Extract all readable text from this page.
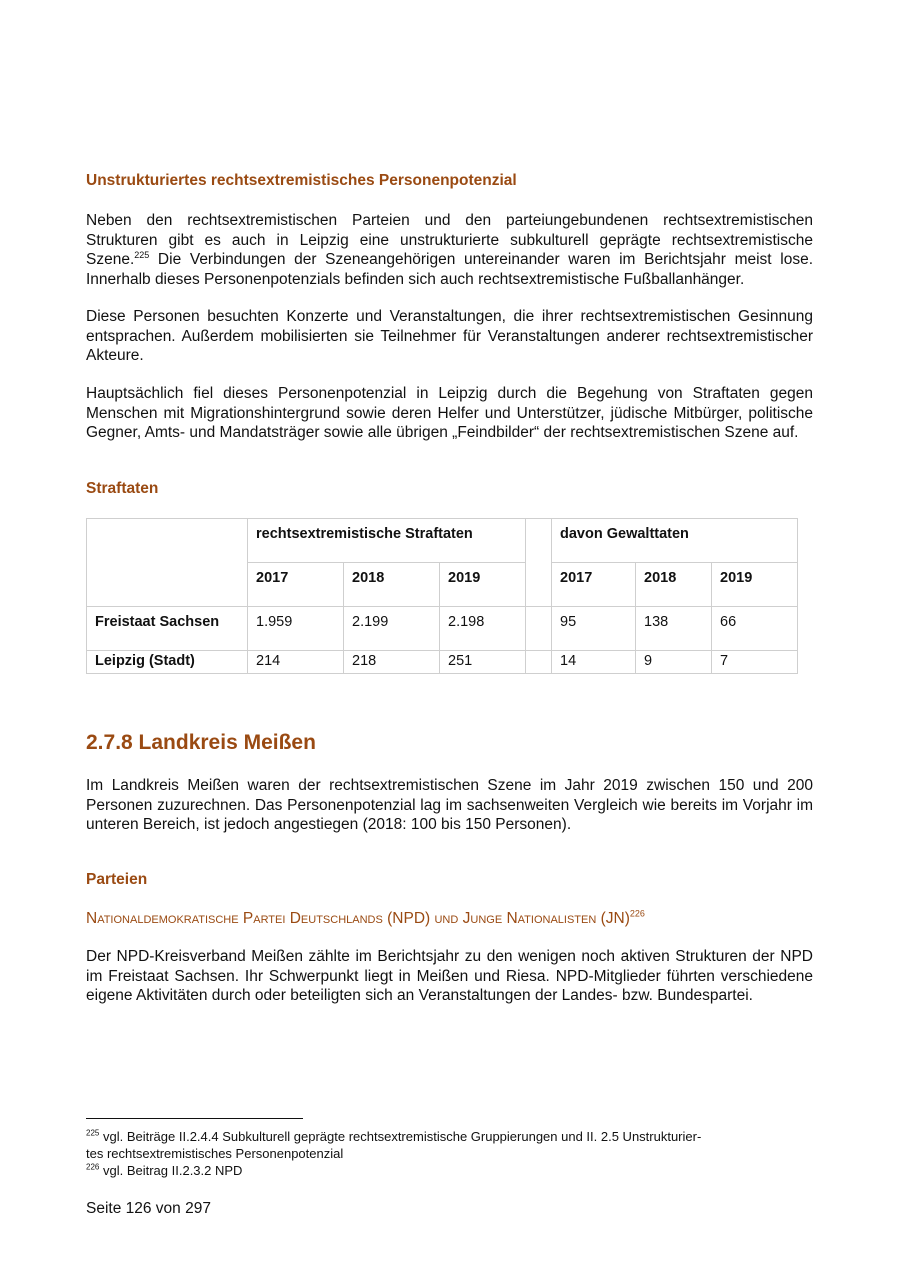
Unstrukturiertes rechtsextremistisches Personenpotenzial

Neben den rechtsextremistischen Parteien und den parteiungebundenen rechtsextremistischen Strukturen gibt es auch in Leipzig eine unstrukturierte subkulturell geprägte rechtsextremistische Szene.$^{225}$ Die Verbindungen der Szeneangehörigen untereinander waren im Berichtsjahr meist lose. Innerhalb dieses Personenpotenzials befinden sich auch rechtsextremistische Fußballanhänger.

Diese Personen besuchten Konzerte und Veranstaltungen, die ihrer rechtsextremistischen Gesinnung entsprachen. Außerdem mobilisierten sie Teilnehmer für Veranstaltungen anderer rechtsextremistischer Akteure.

Hauptsächlich fiel dieses Personenpotenzial in Leipzig durch die Begehung von Straftaten gegen Menschen mit Migrationshintergrund sowie deren Helfer und Unterstützer, jüdische Mitbürger, politische Gegner, Amts- und Mandatsträger sowie alle übrigen „Feindbilder“ der rechtsextremistischen Szene auf.

Straftaten
	rechtsextremistische Straftaten				davon Gewalttaten		
	2017	2018	2019		2017	2018	2019
Freistaat Sachsen	1.959	2.199	2.198		95	138	66
Leipzig (Stadt)	214	218	251		14	9	7
2.7.8 Landkreis Meißen

Im Landkreis Meißen waren der rechtsextremistischen Szene im Jahr 2019 zwischen 150 und 200 Personen zuzurechnen. Das Personenpotenzial lag im sachsenweiten Vergleich wie bereits im Vorjahr im unteren Bereich, ist jedoch angestiegen (2018: 100 bis 150 Personen).

Parteien
Nationaldemokratische Partei Deutschlands (NPD) und Junge Nationalisten (JN)$^{226}$

Der NPD-Kreisverband Meißen zählte im Berichtsjahr zu den wenigen noch aktiven Strukturen der NPD im Freistaat Sachsen. Ihr Schwerpunkt liegt in Meißen und Riesa. NPD-Mitglieder führten verschiedene eigene Aktivitäten durch oder beteiligten sich an Veranstaltungen der Landes- bzw. Bundespartei.

$^{225}$ vgl. Beiträge II.2.4.4 Subkulturell geprägte rechtsextremistische Gruppierungen und II. 2.5 Unstrukturier-
tes rechtsextremistisches Personenpotenzial

$^{226}$ vgl. Beitrag II.2.3.2 NPD

Seite 126 von 297
